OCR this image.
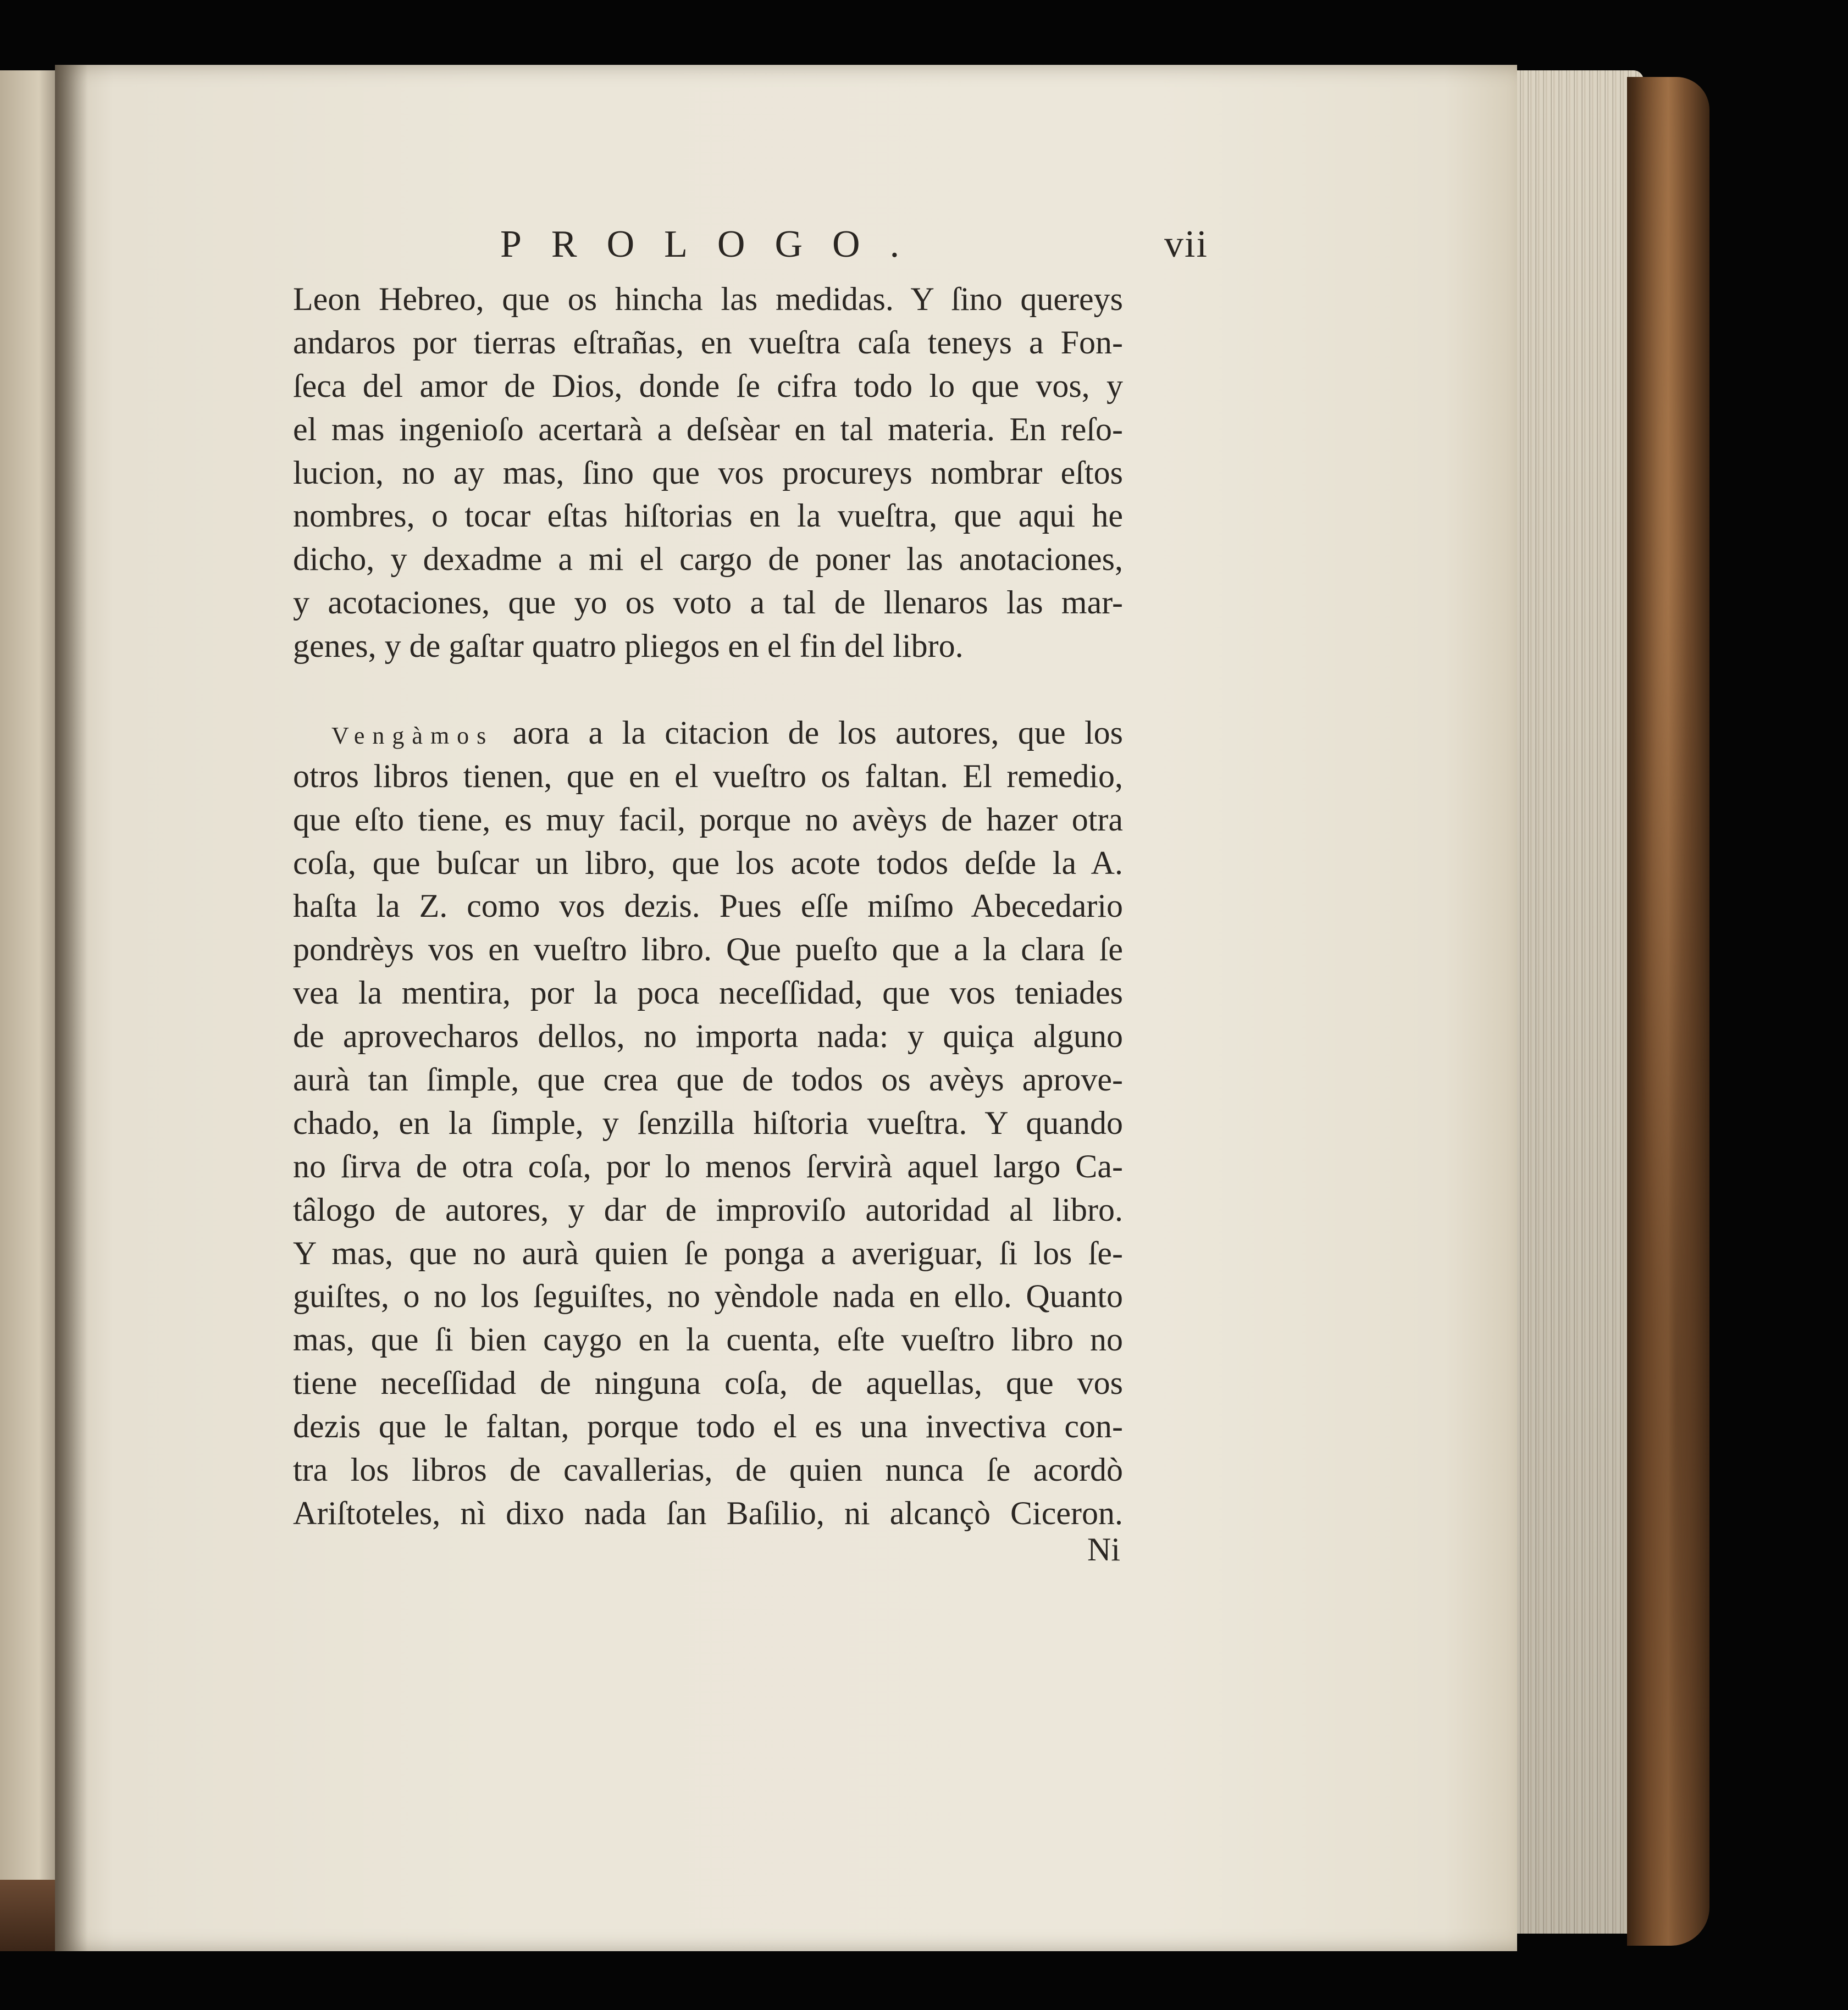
PROLOGO.	vii
Leon Hebreo, que os hincha las medidas. Y ſino quereys
andaros por tierras eſtrañas, en vueſtra caſa teneys a Fon-
ſeca del amor de Dios, donde ſe cifra todo lo que vos, y
el mas ingenioſo acertarà a deſsèar en tal materia. En reſo-
lucion, no ay mas, ſino que vos procureys nombrar eſtos
nombres, o tocar eſtas hiſtorias en la vueſtra, que aqui he
dicho, y dexadme a mi el cargo de poner las anotaciones,
y acotaciones, que yo os voto a tal de llenaros las mar-
genes, y de gaſtar quatro pliegos en el fin del libro.
Vengàmos aora a la citacion de los autores, que los
otros libros tienen, que en el vueſtro os faltan. El remedio,
que eſto tiene, es muy facil, porque no avèys de hazer otra
coſa, que buſcar un libro, que los acote todos deſde la A.
haſta la Z. como vos dezis. Pues eſſe miſmo Abecedario
pondrèys vos en vueſtro libro. Que pueſto que a la clara ſe
vea la mentira, por la poca neceſſidad, que vos teniades
de aprovecharos dellos, no importa nada: y quiça alguno
aurà tan ſimple, que crea que de todos os avèys aprove-
chado, en la ſimple, y ſenzilla hiſtoria vueſtra. Y quando
no ſirva de otra coſa, por lo menos ſervirà aquel largo Ca-
tâlogo de autores, y dar de improviſo autoridad al libro.
Y mas, que no aurà quien ſe ponga a averiguar, ſi los ſe-
guiſtes, o no los ſeguiſtes, no yèndole nada en ello. Quanto
mas, que ſi bien caygo en la cuenta, eſte vueſtro libro no
tiene neceſſidad de ninguna coſa, de aquellas, que vos
dezis que le faltan, porque todo el es una invectiva con-
tra los libros de cavallerias, de quien nunca ſe acordò
Ariſtoteles, nì dixo nada ſan Baſilio, ni alcançò Ciceron.
Ni
